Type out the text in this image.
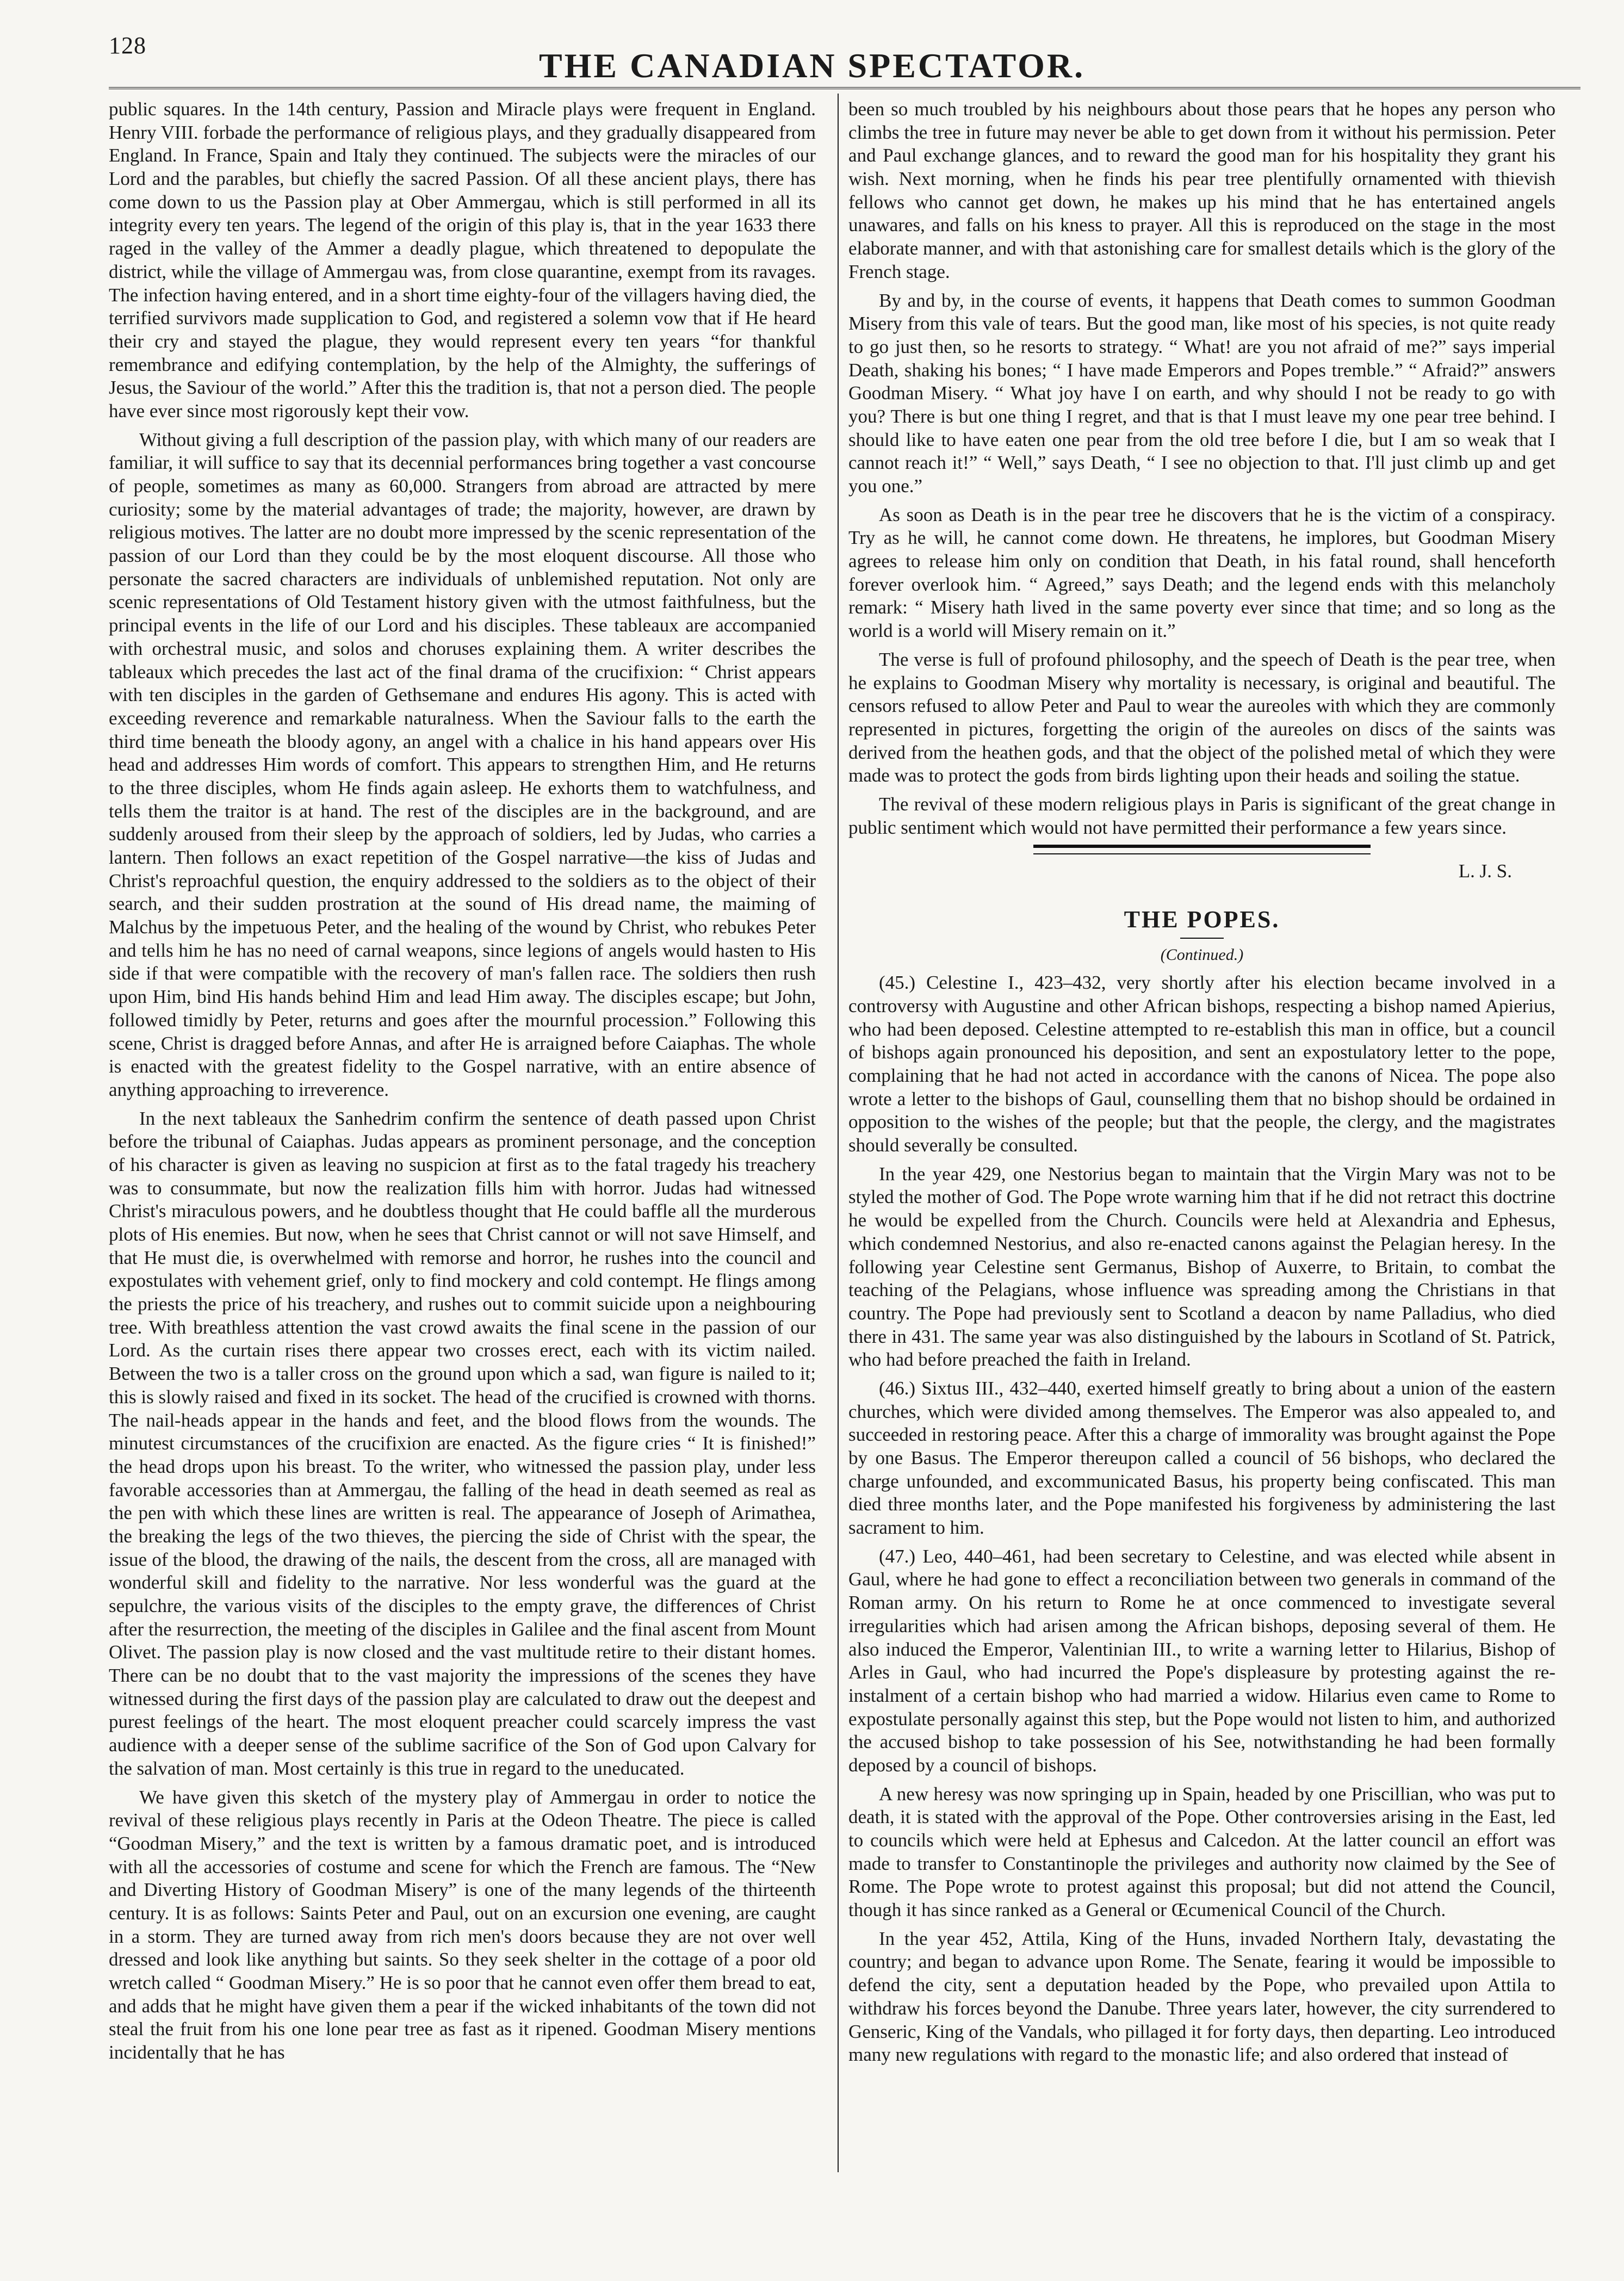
128
THE CANADIAN SPECTATOR.

public squares. In the 14th century, Passion and Miracle plays were frequent in England. Henry VIII. forbade the performance of religious plays, and they gradually disappeared from England. In France, Spain and Italy they continued. The subjects were the miracles of our Lord and the parables, but chiefly the sacred Passion. Of all these ancient plays, there has come down to us the Passion play at Ober Ammergau, which is still performed in all its integrity every ten years. The legend of the origin of this play is, that in the year 1633 there raged in the valley of the Ammer a deadly plague, which threatened to depopulate the district, while the village of Ammergau was, from close quarantine, exempt from its ravages. The infection having entered, and in a short time eighty-four of the villagers having died, the terrified survivors made supplication to God, and registered a solemn vow that if He heard their cry and stayed the plague, they would represent every ten years “for thankful remembrance and edifying contemplation, by the help of the Almighty, the sufferings of Jesus, the Saviour of the world.” After this the tradition is, that not a person died. The people have ever since most rigorously kept their vow.

Without giving a full description of the passion play, with which many of our readers are familiar, it will suffice to say that its decennial performances bring together a vast concourse of people, sometimes as many as 60,000. Strangers from abroad are attracted by mere curiosity; some by the material advantages of trade; the majority, however, are drawn by religious motives. The latter are no doubt more impressed by the scenic representation of the passion of our Lord than they could be by the most eloquent discourse. All those who personate the sacred characters are individuals of unblemished reputation. Not only are scenic representations of Old Testament history given with the utmost faithfulness, but the principal events in the life of our Lord and his disciples. These tableaux are accompanied with orchestral music, and solos and choruses explaining them. A writer describes the tableaux which precedes the last act of the final drama of the crucifixion: “ Christ appears with ten disciples in the garden of Gethsemane and endures His agony. This is acted with exceeding reverence and remarkable naturalness. When the Saviour falls to the earth the third time beneath the bloody agony, an angel with a chalice in his hand appears over His head and addresses Him words of comfort. This appears to strengthen Him, and He returns to the three disciples, whom He finds again asleep. He exhorts them to watchfulness, and tells them the traitor is at hand. The rest of the disciples are in the background, and are suddenly aroused from their sleep by the approach of soldiers, led by Judas, who carries a lantern. Then follows an exact repetition of the Gospel narrative—the kiss of Judas and Christ's reproachful question, the enquiry addressed to the soldiers as to the object of their search, and their sudden prostration at the sound of His dread name, the maiming of Malchus by the impetuous Peter, and the healing of the wound by Christ, who rebukes Peter and tells him he has no need of carnal weapons, since legions of angels would hasten to His side if that were compatible with the recovery of man's fallen race. The soldiers then rush upon Him, bind His hands behind Him and lead Him away. The disciples escape; but John, followed timidly by Peter, returns and goes after the mournful procession.” Following this scene, Christ is dragged before Annas, and after He is arraigned before Caiaphas. The whole is enacted with the greatest fidelity to the Gospel narrative, with an entire absence of anything approaching to irreverence.

In the next tableaux the Sanhedrim confirm the sentence of death passed upon Christ before the tribunal of Caiaphas. Judas appears as prominent personage, and the conception of his character is given as leaving no suspicion at first as to the fatal tragedy his treachery was to consummate, but now the realization fills him with horror. Judas had witnessed Christ's miraculous powers, and he doubtless thought that He could baffle all the murderous plots of His enemies. But now, when he sees that Christ cannot or will not save Himself, and that He must die, is overwhelmed with remorse and horror, he rushes into the council and expostulates with vehement grief, only to find mockery and cold contempt. He flings among the priests the price of his treachery, and rushes out to commit suicide upon a neighbouring tree. With breathless attention the vast crowd awaits the final scene in the passion of our Lord. As the curtain rises there appear two crosses erect, each with its victim nailed. Between the two is a taller cross on the ground upon which a sad, wan figure is nailed to it; this is slowly raised and fixed in its socket. The head of the crucified is crowned with thorns. The nail-heads appear in the hands and feet, and the blood flows from the wounds. The minutest circumstances of the crucifixion are enacted. As the figure cries “ It is finished!” the head drops upon his breast. To the writer, who witnessed the passion play, under less favorable accessories than at Ammergau, the falling of the head in death seemed as real as the pen with which these lines are written is real. The appearance of Joseph of Arimathea, the breaking the legs of the two thieves, the piercing the side of Christ with the spear, the issue of the blood, the drawing of the nails, the descent from the cross, all are managed with wonderful skill and fidelity to the narrative. Nor less wonderful was the guard at the sepulchre, the various visits of the disciples to the empty grave, the differences of Christ after the resurrection, the meeting of the disciples in Galilee and the final ascent from Mount Olivet. The passion play is now closed and the vast multitude retire to their distant homes. There can be no doubt that to the vast majority the impressions of the scenes they have witnessed during the first days of the passion play are calculated to draw out the deepest and purest feelings of the heart. The most eloquent preacher could scarcely impress the vast audience with a deeper sense of the sublime sacrifice of the Son of God upon Calvary for the salvation of man. Most certainly is this true in regard to the uneducated.

We have given this sketch of the mystery play of Ammergau in order to notice the revival of these religious plays recently in Paris at the Odeon Theatre. The piece is called “Goodman Misery,” and the text is written by a famous dramatic poet, and is introduced with all the accessories of costume and scene for which the French are famous. The “New and Diverting History of Goodman Misery” is one of the many legends of the thirteenth century. It is as follows: Saints Peter and Paul, out on an excursion one evening, are caught in a storm. They are turned away from rich men's doors because they are not over well dressed and look like anything but saints. So they seek shelter in the cottage of a poor old wretch called “ Goodman Misery.” He is so poor that he cannot even offer them bread to eat, and adds that he might have given them a pear if the wicked inhabitants of the town did not steal the fruit from his one lone pear tree as fast as it ripened. Goodman Misery mentions incidentally that he has

been so much troubled by his neighbours about those pears that he hopes any person who climbs the tree in future may never be able to get down from it without his permission. Peter and Paul exchange glances, and to reward the good man for his hospitality they grant his wish. Next morning, when he finds his pear tree plentifully ornamented with thievish fellows who cannot get down, he makes up his mind that he has entertained angels unawares, and falls on his kness to prayer. All this is reproduced on the stage in the most elaborate manner, and with that astonishing care for smallest details which is the glory of the French stage.

By and by, in the course of events, it happens that Death comes to summon Goodman Misery from this vale of tears. But the good man, like most of his species, is not quite ready to go just then, so he resorts to strategy. “ What! are you not afraid of me?” says imperial Death, shaking his bones; “ I have made Emperors and Popes tremble.” “ Afraid?” answers Goodman Misery. “ What joy have I on earth, and why should I not be ready to go with you? There is but one thing I regret, and that is that I must leave my one pear tree behind. I should like to have eaten one pear from the old tree before I die, but I am so weak that I cannot reach it!” “ Well,” says Death, “ I see no objection to that. I'll just climb up and get you one.”

As soon as Death is in the pear tree he discovers that he is the victim of a conspiracy. Try as he will, he cannot come down. He threatens, he implores, but Goodman Misery agrees to release him only on condition that Death, in his fatal round, shall henceforth forever overlook him. “ Agreed,” says Death; and the legend ends with this melancholy remark: “ Misery hath lived in the same poverty ever since that time; and so long as the world is a world will Misery remain on it.”

The verse is full of profound philosophy, and the speech of Death is the pear tree, when he explains to Goodman Misery why mortality is necessary, is original and beautiful. The censors refused to allow Peter and Paul to wear the aureoles with which they are commonly represented in pictures, forgetting the origin of the aureoles on discs of the saints was derived from the heathen gods, and that the object of the polished metal of which they were made was to protect the gods from birds lighting upon their heads and soiling the statue.

The revival of these modern religious plays in Paris is significant of the great change in public sentiment which would not have permitted their performance a few years since.

L. J. S.
THE POPES.
(Continued.)

(45.) Celestine I., 423–432, very shortly after his election became involved in a controversy with Augustine and other African bishops, respecting a bishop named Apierius, who had been deposed. Celestine attempted to re-establish this man in office, but a council of bishops again pronounced his deposition, and sent an expostulatory letter to the pope, complaining that he had not acted in accordance with the canons of Nicea. The pope also wrote a letter to the bishops of Gaul, counselling them that no bishop should be ordained in opposition to the wishes of the people; but that the people, the clergy, and the magistrates should severally be consulted.

In the year 429, one Nestorius began to maintain that the Virgin Mary was not to be styled the mother of God. The Pope wrote warning him that if he did not retract this doctrine he would be expelled from the Church. Councils were held at Alexandria and Ephesus, which condemned Nestorius, and also re-enacted canons against the Pelagian heresy. In the following year Celestine sent Germanus, Bishop of Auxerre, to Britain, to combat the teaching of the Pelagians, whose influence was spreading among the Christians in that country. The Pope had previously sent to Scotland a deacon by name Palladius, who died there in 431. The same year was also distinguished by the labours in Scotland of St. Patrick, who had before preached the faith in Ireland.

(46.) Sixtus III., 432–440, exerted himself greatly to bring about a union of the eastern churches, which were divided among themselves. The Emperor was also appealed to, and succeeded in restoring peace. After this a charge of immorality was brought against the Pope by one Basus. The Emperor thereupon called a council of 56 bishops, who declared the charge unfounded, and excommunicated Basus, his property being confiscated. This man died three months later, and the Pope manifested his forgiveness by administering the last sacrament to him.

(47.) Leo, 440–461, had been secretary to Celestine, and was elected while absent in Gaul, where he had gone to effect a reconciliation between two generals in command of the Roman army. On his return to Rome he at once commenced to investigate several irregularities which had arisen among the African bishops, deposing several of them. He also induced the Emperor, Valentinian III., to write a warning letter to Hilarius, Bishop of Arles in Gaul, who had incurred the Pope's displeasure by protesting against the re-instalment of a certain bishop who had married a widow. Hilarius even came to Rome to expostulate personally against this step, but the Pope would not listen to him, and authorized the accused bishop to take possession of his See, notwithstanding he had been formally deposed by a council of bishops.

A new heresy was now springing up in Spain, headed by one Priscillian, who was put to death, it is stated with the approval of the Pope. Other controversies arising in the East, led to councils which were held at Ephesus and Calcedon. At the latter council an effort was made to transfer to Constantinople the privileges and authority now claimed by the See of Rome. The Pope wrote to protest against this proposal; but did not attend the Council, though it has since ranked as a General or Œcumenical Council of the Church.

In the year 452, Attila, King of the Huns, invaded Northern Italy, devastating the country; and began to advance upon Rome. The Senate, fearing it would be impossible to defend the city, sent a deputation headed by the Pope, who prevailed upon Attila to withdraw his forces beyond the Danube. Three years later, however, the city surrendered to Genseric, King of the Vandals, who pillaged it for forty days, then departing. Leo introduced many new regulations with regard to the monastic life; and also ordered that instead of
